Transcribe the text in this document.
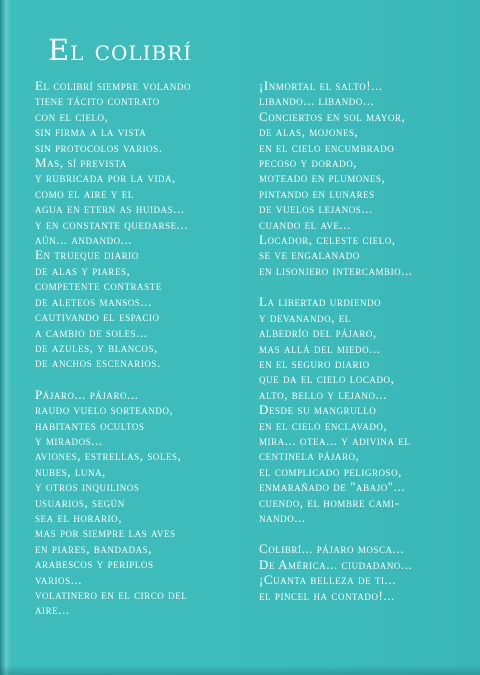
El colibrí
El colibrí siempre volando
tiene tácito contrato
con el cielo,
sin firma a la vista
sin protocolos varios.
Mas, sí prevista
y rubricada por la vida,
como el aire y el
agua en etern as huidas...
y en constante quedarse...
aún... andando...
En trueque diario
de alas y piares,
competente contraste
de aleteos mansos...
cautivando el espacio
a cambio de soles...
de azules, y blancos,
de anchos escenarios.
Pájaro... pájaro...
raudo vuelo sorteando,
habitantes ocultos
y mirados...
aviones, estrellas, soles,
nubes, luna,
y otros inquilinos
usuarios, según
sea el horario,
mas por siempre las aves
en piares, bandadas,
arabescos y periplos
varios...
volatinero en el circo del
aire...
¡Inmortal el salto!...
libando... libando...
Conciertos en sol mayor,
de alas, mojones,
en el cielo encumbrado
pecoso y dorado,
moteado en plumones,
pintando en lunares
de vuelos lejanos...
cuando el ave...
Locador, celeste cielo,
se ve engalanado
en lisonjero intercambio...
La libertad urdiendo
y devanando, el
albedrío del pájaro,
mas allá del miedo...
en el seguro diario
que da el cielo locado,
alto, bello y lejano...
Desde su mangrullo
en el cielo enclavado,
mira... otea... y adivina el
centinela pájaro,
el complicado peligroso,
enmarañado de "abajo"...
cuendo, el hombre cami-
nando...
Colibrí... pájaro mosca...
De América... ciudadano...
¡Cuanta belleza de ti...
el pincel ha contado!...
